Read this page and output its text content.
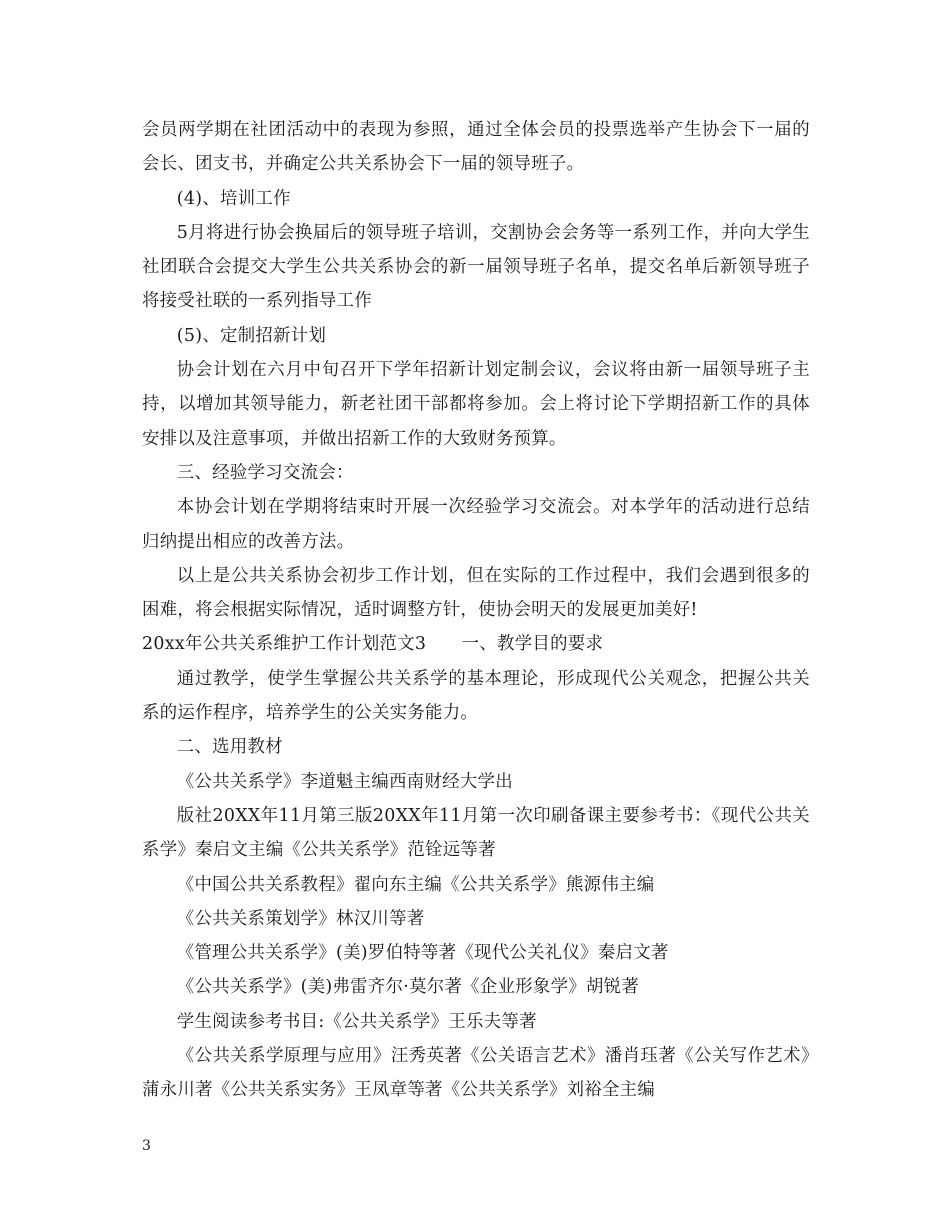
会员两学期在社团活动中的表现为参照，通过全体会员的投票选举产生协会下一届的会长、团支书，并确定公共关系协会下一届的领导班子。

(4)、培训工作

5月将进行协会换届后的领导班子培训，交割协会会务等一系列工作，并向大学生社团联合会提交大学生公共关系协会的新一届领导班子名单，提交名单后新领导班子将接受社联的一系列指导工作

(5)、定制招新计划

协会计划在六月中旬召开下学年招新计划定制会议，会议将由新一届领导班子主持，以增加其领导能力，新老社团干部都将参加。会上将讨论下学期招新工作的具体安排以及注意事项，并做出招新工作的大致财务预算。

三、经验学习交流会：

本协会计划在学期将结束时开展一次经验学习交流会。对本学年的活动进行总结归纳提出相应的改善方法。

以上是公共关系协会初步工作计划，但在实际的工作过程中，我们会遇到很多的困难，将会根据实际情况，适时调整方针，使协会明天的发展更加美好!

20xx年公共关系维护工作计划范文3　　一、教学目的要求

通过教学，使学生掌握公共关系学的基本理论，形成现代公关观念，把握公共关系的运作程序，培养学生的公关实务能力。

二、选用教材

《公共关系学》李道魁主编西南财经大学出

版社20XX年11月第三版20XX年11月第一次印刷备课主要参考书：《现代公共关系学》秦启文主编《公共关系学》范铨远等著

《中国公共关系教程》翟向东主编《公共关系学》熊源伟主编

《公共关系策划学》林汉川等著

《管理公共关系学》(美)罗伯特等著《现代公关礼仪》秦启文著

《公共关系学》(美)弗雷齐尔·莫尔著《企业形象学》胡锐著

学生阅读参考书目:《公共关系学》王乐夫等著

《公共关系学原理与应用》汪秀英著《公关语言艺术》潘肖珏著《公关写作艺术》蒲永川著《公共关系实务》王凤章等著《公共关系学》刘裕全主编

3
